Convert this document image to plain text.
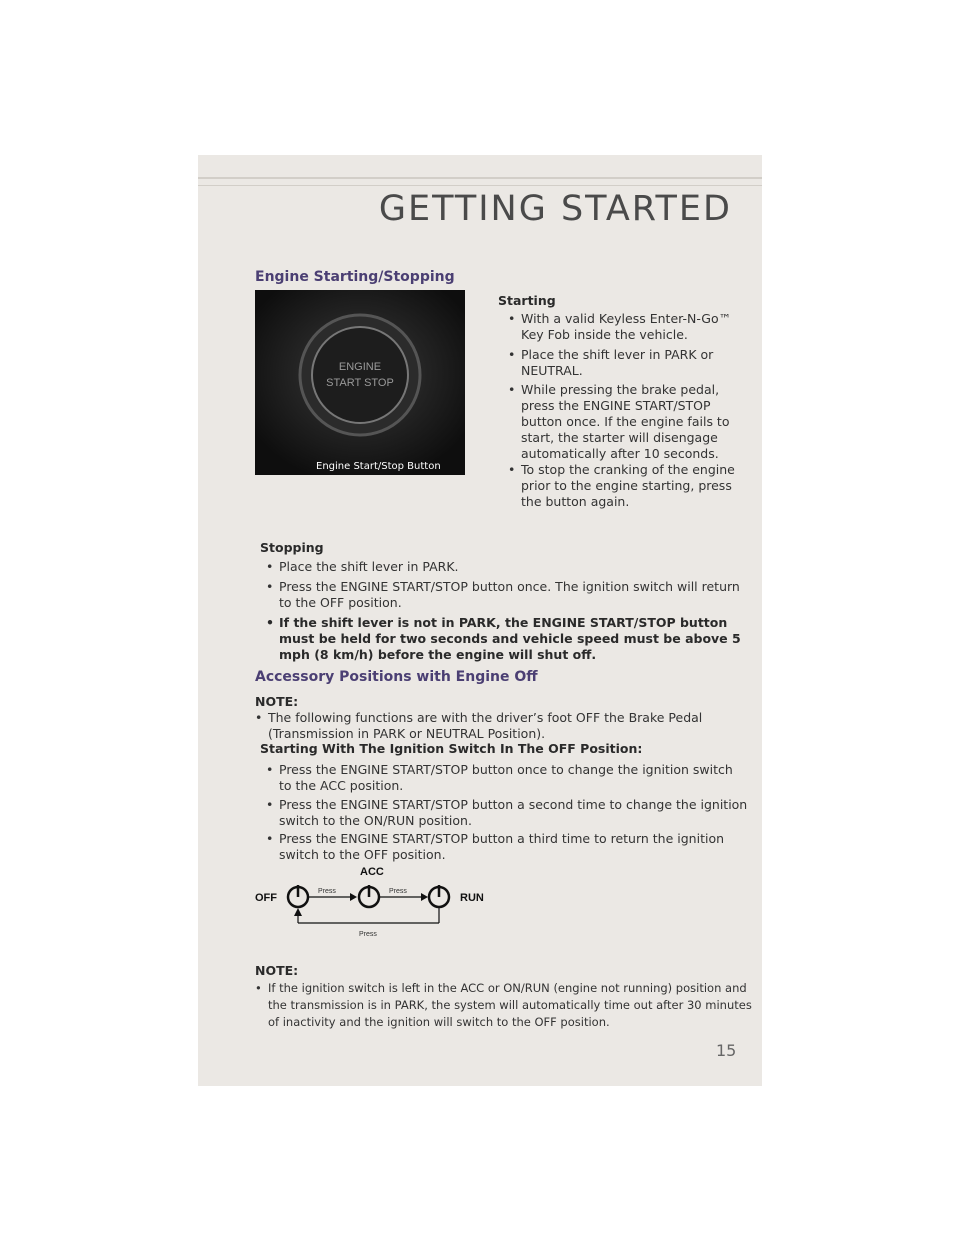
GETTING STARTED
Engine Starting/Stopping
ENGINE
START STOP
Engine Start/Stop Button
Starting
• With a valid Keyless Enter-N-Go™ Key Fob inside the vehicle.
• Place the shift lever in PARK or NEUTRAL.
• While pressing the brake pedal, press the ENGINE START/STOP button once. If the engine fails to start, the starter will disengage automatically after 10 seconds.
• To stop the cranking of the engine prior to the engine starting, press the button again.
Stopping
• Place the shift lever in PARK.
• Press the ENGINE START/STOP button once. The ignition switch will return to the OFF position.
• If the shift lever is not in PARK, the ENGINE START/STOP button must be held for two seconds and vehicle speed must be above 5 mph (8 km/h) before the engine will shut off.
Accessory Positions with Engine Off
NOTE:
• The following functions are with the driver’s foot OFF the Brake Pedal (Transmission in PARK or NEUTRAL Position).
Starting With The Ignition Switch In The OFF Position:
• Press the ENGINE START/STOP button once to change the ignition switch to the ACC position.
• Press the ENGINE START/STOP button a second time to change the ignition switch to the ON/RUN position.
• Press the ENGINE START/STOP button a third time to return the ignition switch to the OFF position.
OFF
Press
ACC
Press
RUN
Press
NOTE:
• If the ignition switch is left in the ACC or ON/RUN (engine not running) position and the transmission is in PARK, the system will automatically time out after 30 minutes of inactivity and the ignition will switch to the OFF position.
15
